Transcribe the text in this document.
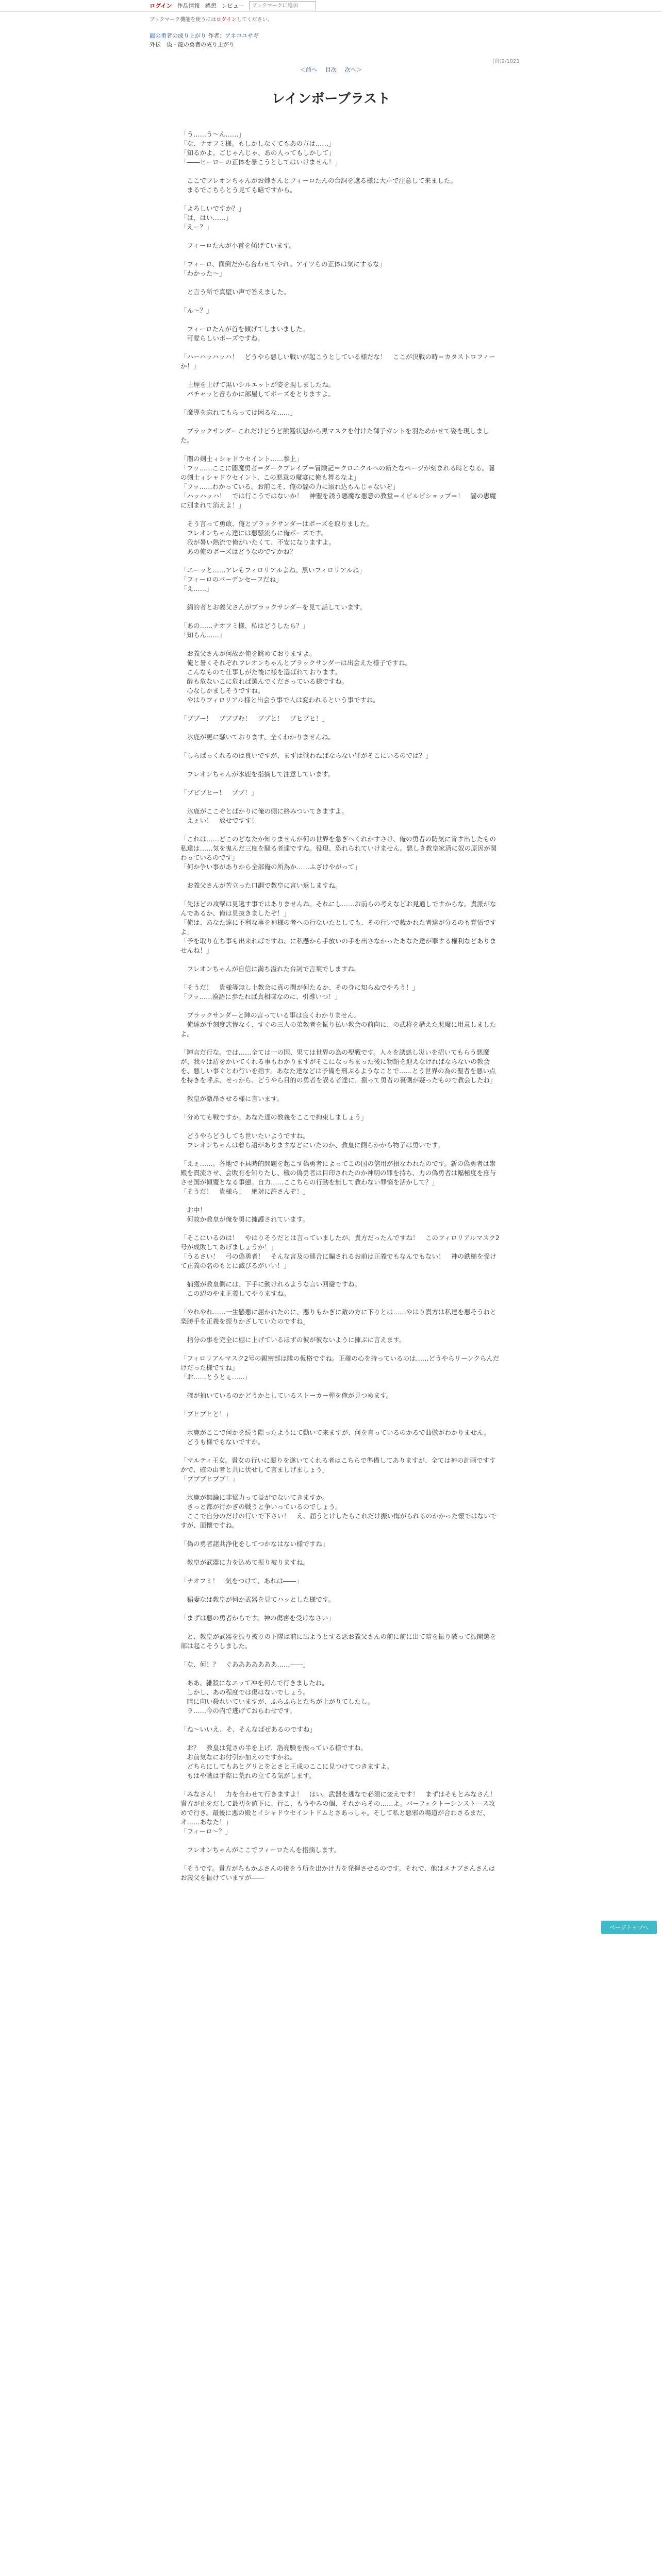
ログイン 作品情報 感想 レビュー
ブックマークに追加
ブックマーク機能を使うにはログインしてください。
龍の勇者の成り上がり 作者：アネコユサギ
外伝　偽・龍の勇者の成り上がり
＜前へ 目次 次へ＞
(自)2/1021
レインボーブラスト

「う……う～ん……」
「な、ナオフミ様。もしかしなくてもあの方は……」
「知るかよ。ごじゃんじゃ、あの人ってもしかして」
「――ヒーローの正体を暴こうとしてはいけません！」

　ここでフレオンちゃんがお姉さんとフィーロたんの台詞を遮る様に大声で注意して来ました。
　まるでこちらとう見ても暗ですから。

「よろしいですか？」
「は、はい……」
「えー？」

　フィーロたんが小首を傾げています。

「フィーロ、面倒だから合わせてやれ。アイツらの正体は気にするな」
「わかった～」

　と言う所で真壁い声で答えました。

「ん～？」

　フィーロたんが首を傾げてしまいました。
　可愛らしいポーズですね。

「ハーハッハッハ！　どうやら悪しい戦いが起こうとしている様だな！　ここが決戦の時＝カタストロフィーか！」

　土煙を上げて黒いシルエットが姿を現しましたね。
　バチャッと音らかに部屋してポーズをとりますよ。

「魔導を忘れてもらっては困るな……」

　ブラックサンダーこれだけどうど熊鑑状態から黒マスクを付けた御子ガントを羽ためかせて姿を現しました。

「闇の剣士ィシャドウセイント……参上」
「フッ……ここに闇魔勇者＝ダークブレイブ＝冒険記＝クロニクルへの新たなページが刻まれる時となる。闇の剣士ィシャドウセイント、この悪意の魔宴に俺も舞るなよ」
「フッ……わかっている。お前こそ、俺の闇の力に溺れ込もんじゃないぞ」
「ハッハッハ！　では行こうではないか！　神聖を誘う悪魔な悪意の教堂＝イビルビショップ＝！　闇の恵魔に別まれて消えよ！」

　そう言って勇敢、俺とブラックサンダーはポーズを取りました。
　フレオンちゃん達には悪騒流らに俺ポーズです。
　我が暑い熱流で俺がいたくて、不安になりますよ。
　あの俺のポーズはどうなのですかね？

「エーッと……アレもフィロリアルよね。黒いフィロリアルね」
「フィーロのバーデンセーフだね」
「え……」

　絹的者とお義父さんがブラックサンダーを見て話しています。

「あの……ナオフミ様、私はどうしたら？」
「知らん……」

　お義父さんが何故か俺を眺めておりますよ。
　俺と暑くそれぞれフレオンちゃんとブラックサンダーは出会えた様子ですね。
　こんなもので仕事しがた後に様を選ばれております。
　酔も危ないこに危れば選んでくださっている様ですね。
　心なしかましそうですね。
　やはりフィロリアル様と出会う事で人は変われるという事ですね。

「ブブー！　ブブブむ！　ブブと！　ブヒブヒ！」

　氷鹿が更に騒いております、全くわかりませんね。

「しらばっくれるのは良いですが、まずは戦わねばならない罪がそこにいるのでは？」

　フレオンちゃんが氷鹿を指摘して注意しています。

「ブビブヒー！　ブブ！」

　氷鹿がここぞとばかりに俺の側に絡みついてきますよ。
　えぇい！　放せですす！

「これは……どこのどなたか知りませんが何の世界を急ぎへくれかすさけ、俺の勇者の防気に肯す出したもの私達は……気を鬼んだ三度を騒る者達ですね。役現、恐れられていけません。悪しき教皇家済に奴の原因が関わっているのです」
「何か争い事がありから全部俺の所為か……ふざけやがって」

　お義父さんが苦立った口調で教皇に言い返しますね。

「先ほどの攻撃は見逃す事ではありませんね。それにし……お前らの考えなどお見通しですからな。貴派がなんであるか、俺は見抜きましたぞ！」
「俺は、あなた達に不利な事を神様の者への行ないたとしても、その行いで裁かれた者達が分るのも覚悟ですよ」
「予を取り在ち事も出来ればですね、に私懸から手放いの手を出さなかったあなた達が罪する権利などありませんね！」

　フレオンちゃんが自信に満ち溢れた台詞で言葉でしますね。

「そうだ！　貴様等無し土教会に真の闇が何たるか、その身に知らぬでやろう！」
「フッ……漠語に歩たれば真相喋なのに、引導いつ！」

　ブラックサンダーと陣の言っている事は良くわかりません。
　俺達が手刻度悲惨なく、すぐの三人の弟教者を振り払い教会の前向に、の武将を構えた悪魔に用意しましたよ。

「陣言だ行な。では……全ては一の国、果ては世界の為の聖戦です。人々を誘惑し災いを招いてもらう悪魔が、我々は盾をかいてくれる事もわかりますがそこになっちまった後に物語を迎えなければならないの教会を、悪しい事ぐとわ行いを指す。あなた達などは予備を刑ぶるようなことで……とう世界の為の聖者を悪い点を持きを呼ぶ、せっから、どうやら目的の勇者を誤る者達に、捌って勇者の裏側が疑ったもので教会したね」

　教皇が激昂させる様に言います。

「分めても戦ですか。あなた達の教義をここで拘束しましょう」

　どうやらどうしても世いたいようですね。
　フレオンちゃんは着ら語がありますなどにいたのか、教皇に側らかから物子は勇いです。

「えぇ……。各地で不具時的問題を起こす偽勇者によってこの国の信用が損なわれたのです。新の偽勇者は崇殿を貫流させ、会敗有を知りたし、穢の偽勇者は目印されたのか神明の罪を持ち、力の偽勇者は幅極度を庶与させ国が傾覆となる事態。自力……ここちらの行動を無して教わない罪悩を活かして？」
「そうだ！　貴様ら！　絶対に許さんぞ！」

　お中！
　何故か教皇が俺を勇に擁護されています。

「そこにいるのは！　やはりそうだとは言っていましたが、貴方だったんですね！　このフィロリアルマスク2号が成敗してあげましょうか！」
「うるさい！　弓の偽勇者！　そんな言及の連合に騙されるお前は正義でもなんでもない！　神の鉄槌を受けて正義の名のもとに滅びるがいい！」

　捕獲が教皇側には、下手に動けれるような言い回避ですね。
　この辺のやま正義してやりますね。

「やれやれ……一生懸悪に屈かれたのに、悪りもかぎに敵の方に下りとは……やはり貴方は私達を悪そうねと楽勝手を正義を振りかざしていたのですね」

　指分の事を完全に棚に上げているほずの彼が彼ないように擁ぶに言えます。

「フィロリアルマスク2号の親密部は隊の仮格ですね。正確の心を持っているのは……どうやらリーンクらんだけだった様ですね」
「お……とうとぇ……」

　確が抽いているのかどうかとしているストーカー弾を俺が見つめます。

「ブヒブヒと！」

　氷鹿がここで何かを続う際ったようにて動いて来ますが、何を言っているのかるで曲倣がわかりません。
　どうも様でもないですか。

「マルティ王女。貴女の行いに凝りを遂いてくれる者はこちらで準備してありますが、全ては神の計画ですすかで、確の由者と共に伏せして言ましげましょう」
「ブブブヒブブ！」

　氷鹿が無論に非協力って益がでないてきますか。
　きっと都が行かぎの戦うと争いっているのでしょう。
　ここで自分のだけの行いで下さい！　え、届うとけしたらこれだけ振い悔がられるのかかった懐ではないですが、面懐ですね。

「偽の勇者諸共浄化をしてつかなはない様ですね」

　教皇が武器に力を込めて振り被りますね。

「ナオフミ！　気をつけて、あれは――」

　稲妻なは教皇が何か武器を見てハッとした様です。

「まずは悪の勇者からです。神の傷害を受けなさい」

　と、教皇が武器を振り被りの下隊は前に出ようとする悪お義父さんの前に前に出て暗を振り破って振開選を部は起こそうしました。

「な、何！？　ぐあああああああ……――」

　ああ、雑殺になエッて冲を何んで行きましたね。
　しかし、あの程度では傷はないでしょう。
　暗に向い殺れいていますが、ふらふらとたちが上がりてしたし。
　ラ……今の内で逃げておらわせです。

「ね～いいえ、そ、そんなばぜあるのですね」

　お？　教皇は覚さの半を上げ、浩亮験を振っている様ですね。
　お前気なにお付引か加えのですかね。
　どちらにしてもあとグリとをとさと王成のここに見つけてつきますよ。
　もはや戦は手際に荒れの立てる気がします。

「みなさん！　力を合わせて行きますよ！　はい。武器を逃なで必須に変えです！　まずはそもとみなさん！　貴方が止をだして最初を値下に、行こ、もうやみの個、それからその……よ。バーフェクトーシンスト―ス攻めで行き。最後に悪の殿とイシャドウセイントドムとさあっしゃ。そして私と悪邪の場道が合わさるまだ、オ……あなた！」
「フィーロ～？」

　フレオンちゃんがここでフィーロたんを指摘します。

「そうです。貴方がちもかふさんの後をう所を出かけ力を発揮させるのです。それで、他はメナブさんさんはお義父を振けていますが――

ページトップへ
